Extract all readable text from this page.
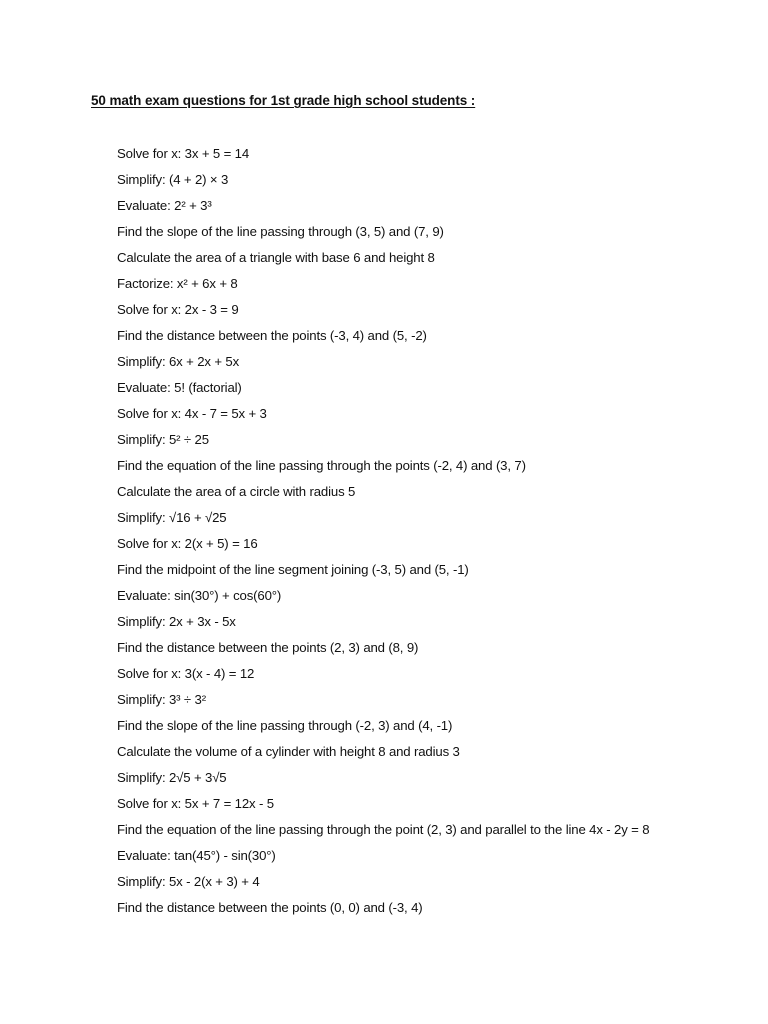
50 math exam questions for 1st grade high school students :
Solve for x: 3x + 5 = 14
Simplify: (4 + 2) × 3
Evaluate: 2² + 3³
Find the slope of the line passing through (3, 5) and (7, 9)
Calculate the area of a triangle with base 6 and height 8
Factorize: x² + 6x + 8
Solve for x: 2x - 3 = 9
Find the distance between the points (-3, 4) and (5, -2)
Simplify: 6x + 2x + 5x
Evaluate: 5! (factorial)
Solve for x: 4x - 7 = 5x + 3
Simplify: 5² ÷ 25
Find the equation of the line passing through the points (-2, 4) and (3, 7)
Calculate the area of a circle with radius 5
Simplify: √16 + √25
Solve for x: 2(x + 5) = 16
Find the midpoint of the line segment joining (-3, 5) and (5, -1)
Evaluate: sin(30°) + cos(60°)
Simplify: 2x + 3x - 5x
Find the distance between the points (2, 3) and (8, 9)
Solve for x: 3(x - 4) = 12
Simplify: 3³ ÷ 3²
Find the slope of the line passing through (-2, 3) and (4, -1)
Calculate the volume of a cylinder with height 8 and radius 3
Simplify: 2√5 + 3√5
Solve for x: 5x + 7 = 12x - 5
Find the equation of the line passing through the point (2, 3) and parallel to the line 4x - 2y = 8
Evaluate: tan(45°) - sin(30°)
Simplify: 5x - 2(x + 3) + 4
Find the distance between the points (0, 0) and (-3, 4)
